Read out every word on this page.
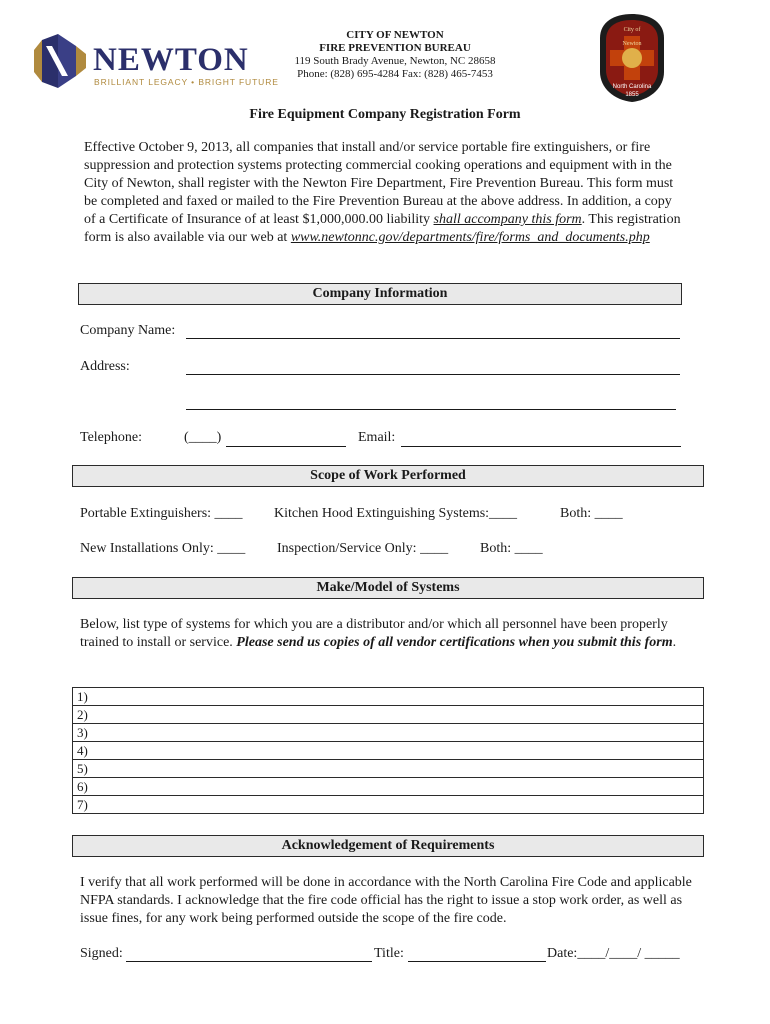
NEWTON
BRILLIANT LEGACY • BRIGHT FUTURE
CITY OF NEWTON
FIRE PREVENTION BUREAU
119 South Brady Avenue, Newton, NC 28658
Phone: (828) 695-4284 Fax: (828) 465-7453
City of
Newton
North Carolina
1855
Fire Equipment Company Registration Form
Effective October 9, 2013, all companies that install and/or service portable fire extinguishers, or fire suppression and protection systems protecting commercial cooking operations and equipment with in the City of Newton, shall register with the Newton Fire Department, Fire Prevention Bureau. This form must be completed and faxed or mailed to the Fire Prevention Bureau at the above address. In addition, a copy of a Certificate of Insurance of at least $1,000,000.00 liability shall accompany this form. This registration form is also available via our web at www.newtonnc.gov/departments/fire/forms_and_documents.php
Company Information
Company Name:
Address:
Telephone:	(____)	Email:
Scope of Work Performed
Portable Extinguishers: ____ Kitchen Hood Extinguishing Systems:____	Both: ____
New Installations Only: ____ Inspection/Service Only: ____ Both: ____
Make/Model of Systems
Below, list type of systems for which you are a distributor and/or which all personnel have been properly trained to install or service. Please send us copies of all vendor certifications when you submit this form.
1)
2)
3)
4)
5)
6)
7)
Acknowledgement of Requirements
I verify that all work performed will be done in accordance with the North Carolina Fire Code and applicable NFPA standards. I acknowledge that the fire code official has the right to issue a stop work order, as well as issue fines, for any work being performed outside the scope of the fire code.
Signed:	Title:	Date:____/____/ _____
